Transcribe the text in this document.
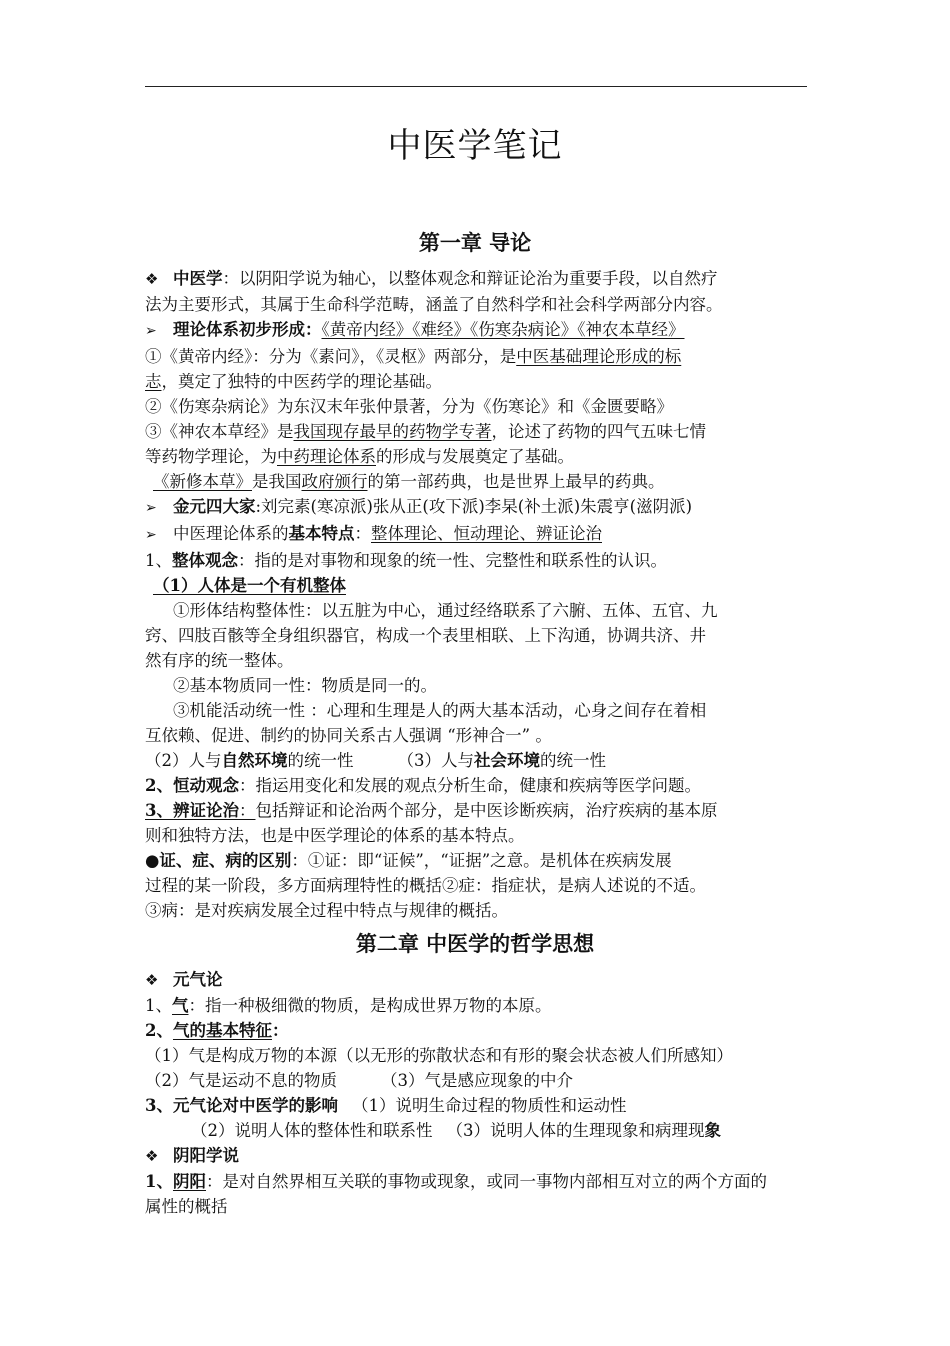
中医学笔记
第一章 导论

❖ 中医学：以阴阳学说为轴心，以整体观念和辩证论治为重要手段，以自然疗

法为主要形式，其属于生命科学范畴，涵盖了自然科学和社会科学两部分内容。

➢ 理论体系初步形成：《黄帝内经》《难经》《伤寒杂病论》《神农本草经》

①《黄帝内经》：分为《素问》，《灵枢》两部分，是中医基础理论形成的标

志，奠定了独特的中医药学的理论基础。

②《伤寒杂病论》为东汉末年张仲景著，分为《伤寒论》和《金匮要略》

③《神农本草经》是我国现存最早的药物学专著，论述了药物的四气五味七情

等药物学理论，为中药理论体系的形成与发展奠定了基础。

《新修本草》是我国政府颁行的第一部药典，也是世界上最早的药典。

➢ 金元四大家:刘完素(寒凉派)张从正(攻下派)李杲(补土派)朱震亨(滋阴派)

➢ 中医理论体系的基本特点：整体理论、恒动理论、辨证论治

1、整体观念：指的是对事物和现象的统一性、完整性和联系性的认识。

（1）人体是一个有机整体

①形体结构整体性：以五脏为中心，通过经络联系了六腑、五体、五官、九

窍、四肢百骸等全身组织器官，构成一个表里相联、上下沟通，协调共济、井

然有序的统一整体。

②基本物质同一性：物质是同一的。

③机能活动统一性 ：心理和生理是人的两大基本活动，心身之间存在着相

互依赖、促进、制约的协同关系古人强调 “形神合一” 。

（2）人与自然环境的统一性	（3）人与社会环境的统一性

2、恒动观念：指运用变化和发展的观点分析生命，健康和疾病等医学问题。

3、辨证论治：包括辩证和论治两个部分，是中医诊断疾病，治疗疾病的基本原

则和独特方法，也是中医学理论的体系的基本特点。

●证、症、病的区别：①证：即“证候”，“证据”之意。是机体在疾病发展

过程的某一阶段，多方面病理特性的概括②症：指症状，是病人述说的不适。

③病：是对疾病发展全过程中特点与规律的概括。

第二章 中医学的哲学思想

❖ 元气论

1、气：指一种极细微的物质，是构成世界万物的本原。

2、气的基本特征：

（1）气是构成万物的本源（以无形的弥散状态和有形的聚会状态被人们所感知）

（2）气是运动不息的物质	（3）气是感应现象的中介

3、元气论对中医学的影响 （1）说明生命过程的物质性和运动性

（2）说明人体的整体性和联系性 （3）说明人体的生理现象和病理现象

❖ 阴阳学说

1、阴阳：是对自然界相互关联的事物或现象，或同一事物内部相互对立的两个方面的

属性的概括
